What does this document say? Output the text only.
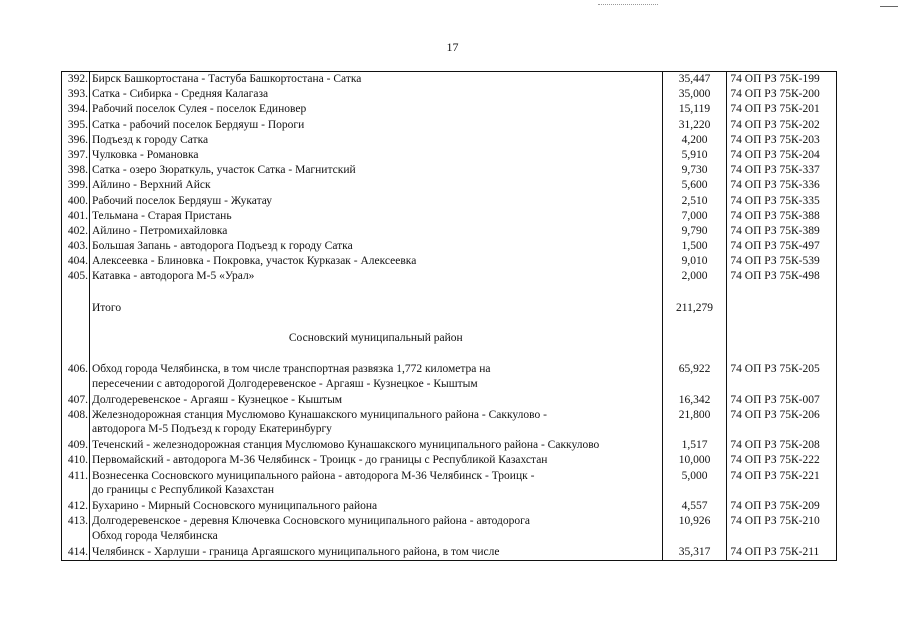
17
392.	Бирск Башкортостана - Тастуба Башкортостана - Сатка	35,447	74 ОП РЗ 75К-199
393.	Сатка - Сибирка - Средняя Калагаза	35,000	74 ОП РЗ 75К-200
394.	Рабочий поселок Сулея - поселок Единовер	15,119	74 ОП РЗ 75К-201
395.	Сатка - рабочий поселок Бердяуш - Пороги	31,220	74 ОП РЗ 75К-202
396.	Подъезд к городу Сатка	4,200	74 ОП РЗ 75К-203
397.	Чулковка - Романовка	5,910	74 ОП РЗ 75К-204
398.	Сатка - озеро Зюраткуль, участок Сатка - Магнитский	9,730	74 ОП РЗ 75К-337
399.	Айлино - Верхний Айск	5,600	74 ОП РЗ 75К-336
400.	Рабочий поселок Бердяуш - Жукатау	2,510	74 ОП РЗ 75К-335
401.	Тельмана - Старая Пристань	7,000	74 ОП РЗ 75К-388
402.	Айлино - Петромихайловка	9,790	74 ОП РЗ 75К-389
403.	Большая Запань - автодорога Подъезд к городу Сатка	1,500	74 ОП РЗ 75К-497
404.	Алексеевка - Блиновка - Покровка, участок Курказак - Алексеевка	9,010	74 ОП РЗ 75К-539
405.	Катавка - автодорога М-5 «Урал»	2,000	74 ОП РЗ 75К-498

	Итого	211,279	

	Сосновский муниципальный район		

406.	Обход города Челябинска, в том числе транспортная развязка 1,772 километра на
пересечении с автодорогой Долгодеревенское - Аргаяш - Кузнецкое - Кыштым	65,922	74 ОП РЗ 75К-205
407.	Долгодеревенское - Аргаяш - Кузнецкое - Кыштым	16,342	74 ОП РЗ 75К-007
408.	Железнодорожная станция Муслюмово Кунашакского муниципального района - Саккулово -
автодорога М-5 Подъезд к городу Екатеринбургу	21,800	74 ОП РЗ 75К-206
409.	Теченский - железнодорожная станция Муслюмово Кунашакского муниципального района - Саккулово	1,517	74 ОП РЗ 75К-208
410.	Первомайский - автодорога М-36 Челябинск - Троицк - до границы с Республикой Казахстан	10,000	74 ОП РЗ 75К-222
411.	Вознесенка Сосновского муниципального района - автодорога М-36 Челябинск - Троицк -
до границы с Республикой Казахстан	5,000	74 ОП РЗ 75К-221
412.	Бухарино - Мирный Сосновского муниципального района	4,557	74 ОП РЗ 75К-209
413.	Долгодеревенское - деревня Ключевка Сосновского муниципального района - автодорога
Обход города Челябинска	10,926	74 ОП РЗ 75К-210
414.	Челябинск - Харлуши - граница Аргаяшского муниципального района, в том числе	35,317	74 ОП РЗ 75К-211
